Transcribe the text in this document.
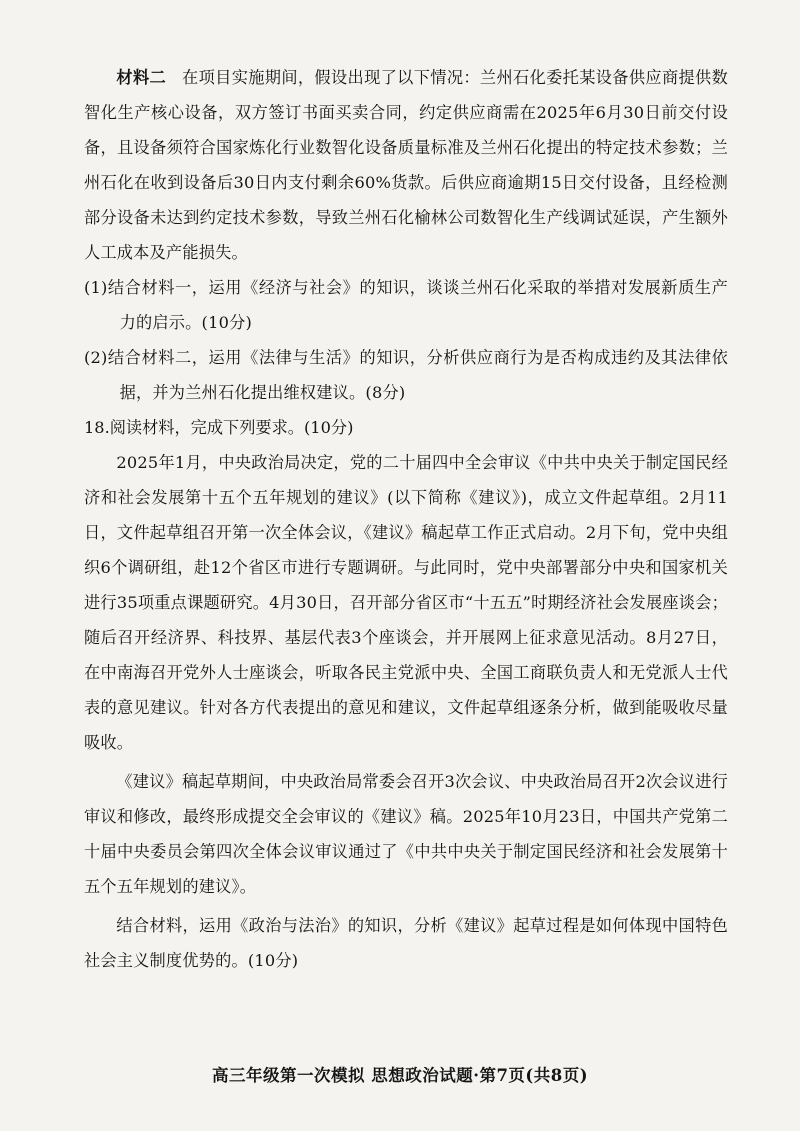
材料二 在项目实施期间，假设出现了以下情况：兰州石化委托某设备供应商提供数智化生产核心设备，双方签订书面买卖合同，约定供应商需在2025年6月30日前交付设备，且设备须符合国家炼化行业数智化设备质量标准及兰州石化提出的特定技术参数；兰州石化在收到设备后30日内支付剩余60%货款。后供应商逾期15日交付设备，且经检测部分设备未达到约定技术参数，导致兰州石化榆林公司数智化生产线调试延误，产生额外人工成本及产能损失。

(1)结合材料一，运用《经济与社会》的知识，谈谈兰州石化采取的举措对发展新质生产力的启示。(10分)

(2)结合材料二，运用《法律与生活》的知识，分析供应商行为是否构成违约及其法律依据，并为兰州石化提出维权建议。(8分)

18.阅读材料，完成下列要求。(10分)

2025年1月，中央政治局决定，党的二十届四中全会审议《中共中央关于制定国民经济和社会发展第十五个五年规划的建议》(以下简称《建议》)，成立文件起草组。2月11日，文件起草组召开第一次全体会议，《建议》稿起草工作正式启动。2月下旬，党中央组织6个调研组，赴12个省区市进行专题调研。与此同时，党中央部署部分中央和国家机关进行35项重点课题研究。4月30日，召开部分省区市“十五五”时期经济社会发展座谈会；随后召开经济界、科技界、基层代表3个座谈会，并开展网上征求意见活动。8月27日，在中南海召开党外人士座谈会，听取各民主党派中央、全国工商联负责人和无党派人士代表的意见建议。针对各方代表提出的意见和建议，文件起草组逐条分析，做到能吸收尽量吸收。

《建议》稿起草期间，中央政治局常委会召开3次会议、中央政治局召开2次会议进行审议和修改，最终形成提交全会审议的《建议》稿。2025年10月23日，中国共产党第二十届中央委员会第四次全体会议审议通过了《中共中央关于制定国民经济和社会发展第十五个五年规划的建议》。

结合材料，运用《政治与法治》的知识，分析《建议》起草过程是如何体现中国特色社会主义制度优势的。(10分)

高三年级第一次模拟 思想政治试题·第7页(共8页)
